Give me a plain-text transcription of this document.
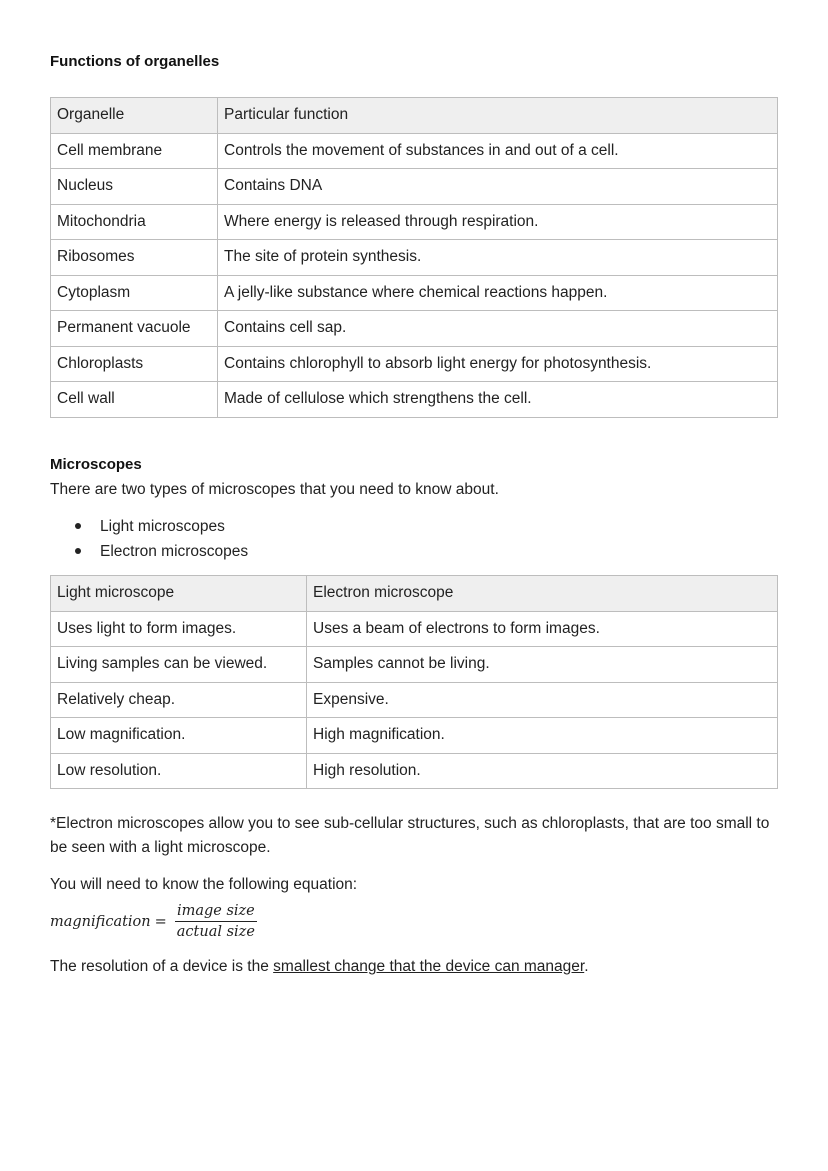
Functions of organelles
Organelle	Particular function
Cell membrane	Controls the movement of substances in and out of a cell.
Nucleus	Contains DNA
Mitochondria	Where energy is released through respiration.
Ribosomes	The site of protein synthesis.
Cytoplasm	A jelly-like substance where chemical reactions happen.
Permanent vacuole	Contains cell sap.
Chloroplasts	Contains chlorophyll to absorb light energy for photosynthesis.
Cell wall	Made of cellulose which strengthens the cell.
Microscopes

There are two types of microscopes that you need to know about.

Light microscopes
Electron microscopes
Light microscope	Electron microscope
Uses light to form images.	Uses a beam of electrons to form images.
Living samples can be viewed.	Samples cannot be living.
Relatively cheap.	Expensive.
Low magnification.	High magnification.
Low resolution.	High resolution.

*Electron microscopes allow you to see sub-cellular structures, such as chloroplasts, that are too small to be seen with a light microscope.

You will need to know the following equation:

magnification = $\frac{\text{image size}}{\text{actual size}}$

The resolution of a device is the smallest change that the device can manager.
